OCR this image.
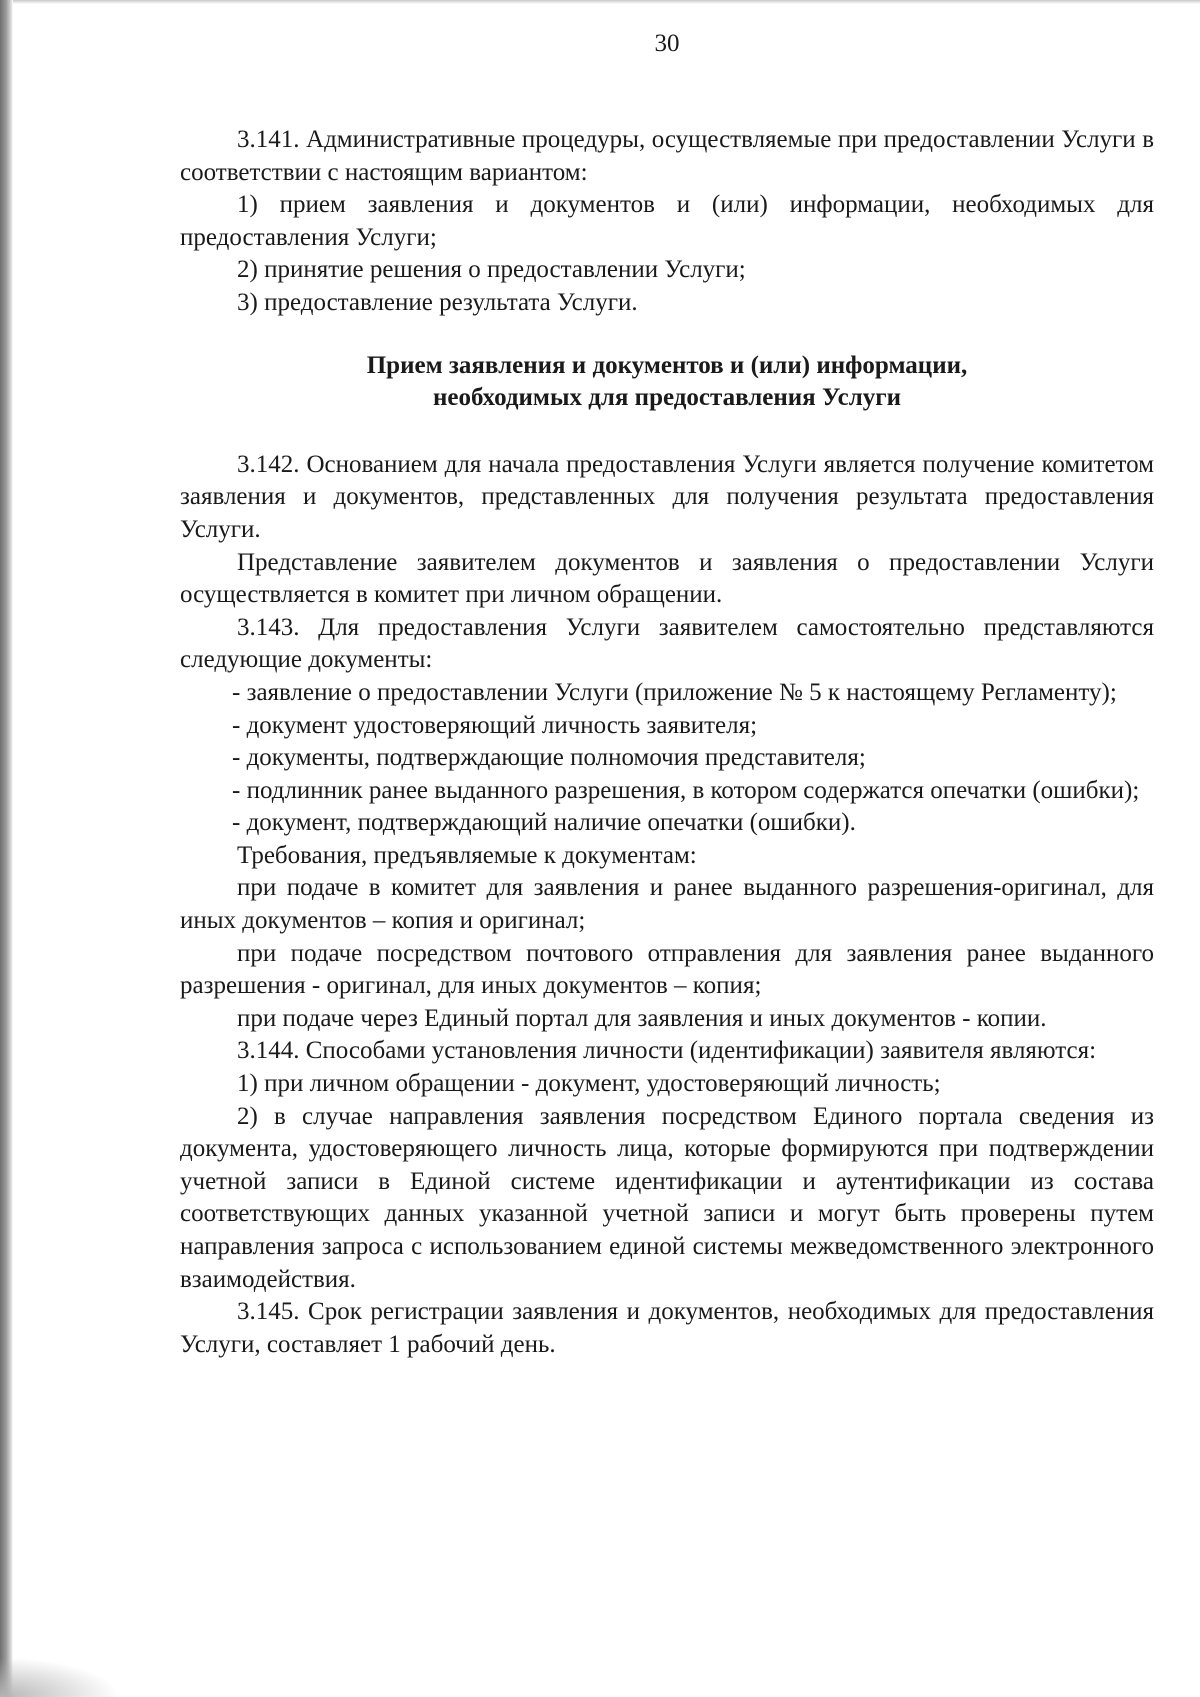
30

3.141. Административные процедуры, осуществляемые при предоставлении Услуги в соответствии с настоящим вариантом:

1) прием заявления и документов и (или) информации, необходимых для предоставления Услуги;

2) принятие решения о предоставлении Услуги;

3) предоставление результата Услуги.

Прием заявления и документов и (или) информации,
необходимых для предоставления Услуги

3.142. Основанием для начала предоставления Услуги является получение комитетом заявления и документов, представленных для получения результата предоставления Услуги.

Представление заявителем документов и заявления о предоставлении Услуги осуществляется в комитет при личном обращении.

3.143. Для предоставления Услуги заявителем самостоятельно представляются следующие документы:

- заявление о предоставлении Услуги (приложение № 5 к настоящему Регламенту);

- документ удостоверяющий личность заявителя;

- документы, подтверждающие полномочия представителя;

- подлинник ранее выданного разрешения, в котором содержатся опечатки (ошибки);

- документ, подтверждающий наличие опечатки (ошибки).

Требования, предъявляемые к документам:

при подаче в комитет для заявления и ранее выданного разрешения-оригинал, для иных документов – копия и оригинал;

при подаче посредством почтового отправления для заявления ранее выданного разрешения - оригинал, для иных документов – копия;

при подаче через Единый портал для заявления и иных документов - копии.

3.144. Способами установления личности (идентификации) заявителя являются:

1) при личном обращении - документ, удостоверяющий личность;

2) в случае направления заявления посредством Единого портала сведения из документа, удостоверяющего личность лица, которые формируются при подтверждении учетной записи в Единой системе идентификации и аутентификации из состава соответствующих данных указанной учетной записи и могут быть проверены путем направления запроса с использованием единой системы межведомственного электронного взаимодействия.

3.145. Срок регистрации заявления и документов, необходимых для предоставления Услуги, составляет 1 рабочий день.
